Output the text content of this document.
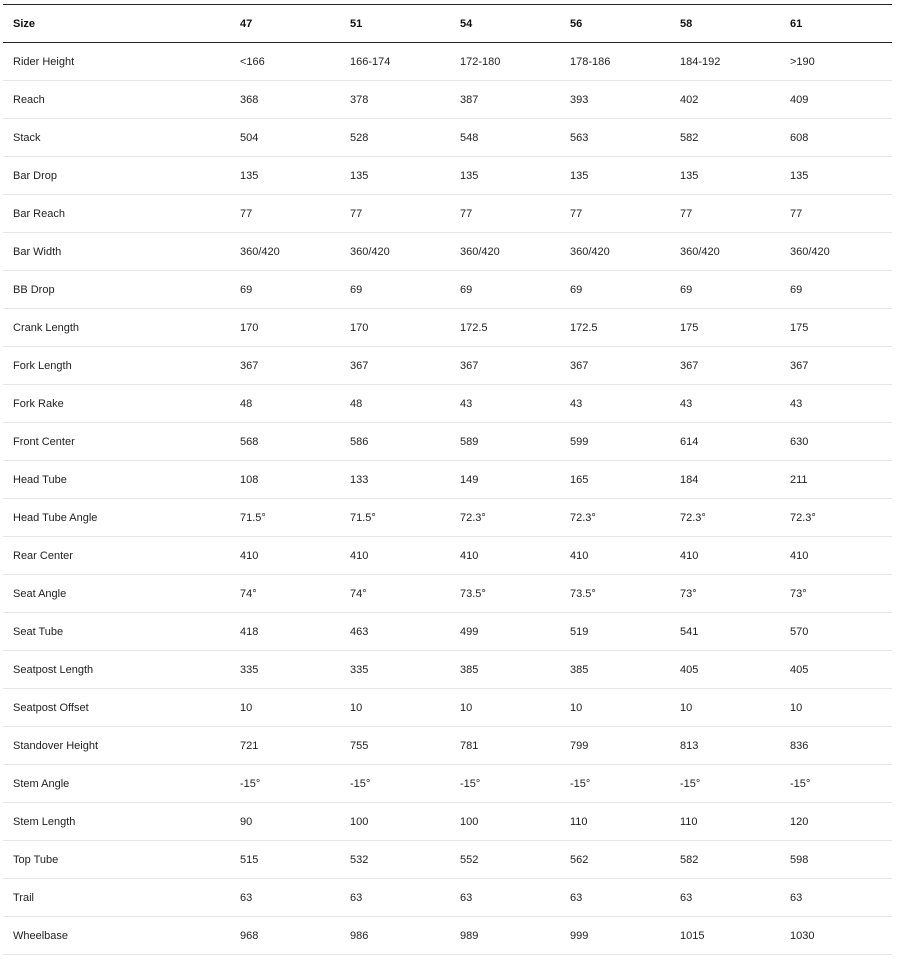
Size	47	51	54	56	58	61
Rider Height	<166	166-174	172-180	178-186	184-192	>190
Reach	368	378	387	393	402	409
Stack	504	528	548	563	582	608
Bar Drop	135	135	135	135	135	135
Bar Reach	77	77	77	77	77	77
Bar Width	360/420	360/420	360/420	360/420	360/420	360/420
BB Drop	69	69	69	69	69	69
Crank Length	170	170	172.5	172.5	175	175
Fork Length	367	367	367	367	367	367
Fork Rake	48	48	43	43	43	43
Front Center	568	586	589	599	614	630
Head Tube	108	133	149	165	184	211
Head Tube Angle	71.5°	71.5°	72.3°	72.3°	72.3°	72.3°
Rear Center	410	410	410	410	410	410
Seat Angle	74°	74°	73.5°	73.5°	73°	73°
Seat Tube	418	463	499	519	541	570
Seatpost Length	335	335	385	385	405	405
Seatpost Offset	10	10	10	10	10	10
Standover Height	721	755	781	799	813	836
Stem Angle	-15°	-15°	-15°	-15°	-15°	-15°
Stem Length	90	100	100	110	110	120
Top Tube	515	532	552	562	582	598
Trail	63	63	63	63	63	63
Wheelbase	968	986	989	999	1015	1030
